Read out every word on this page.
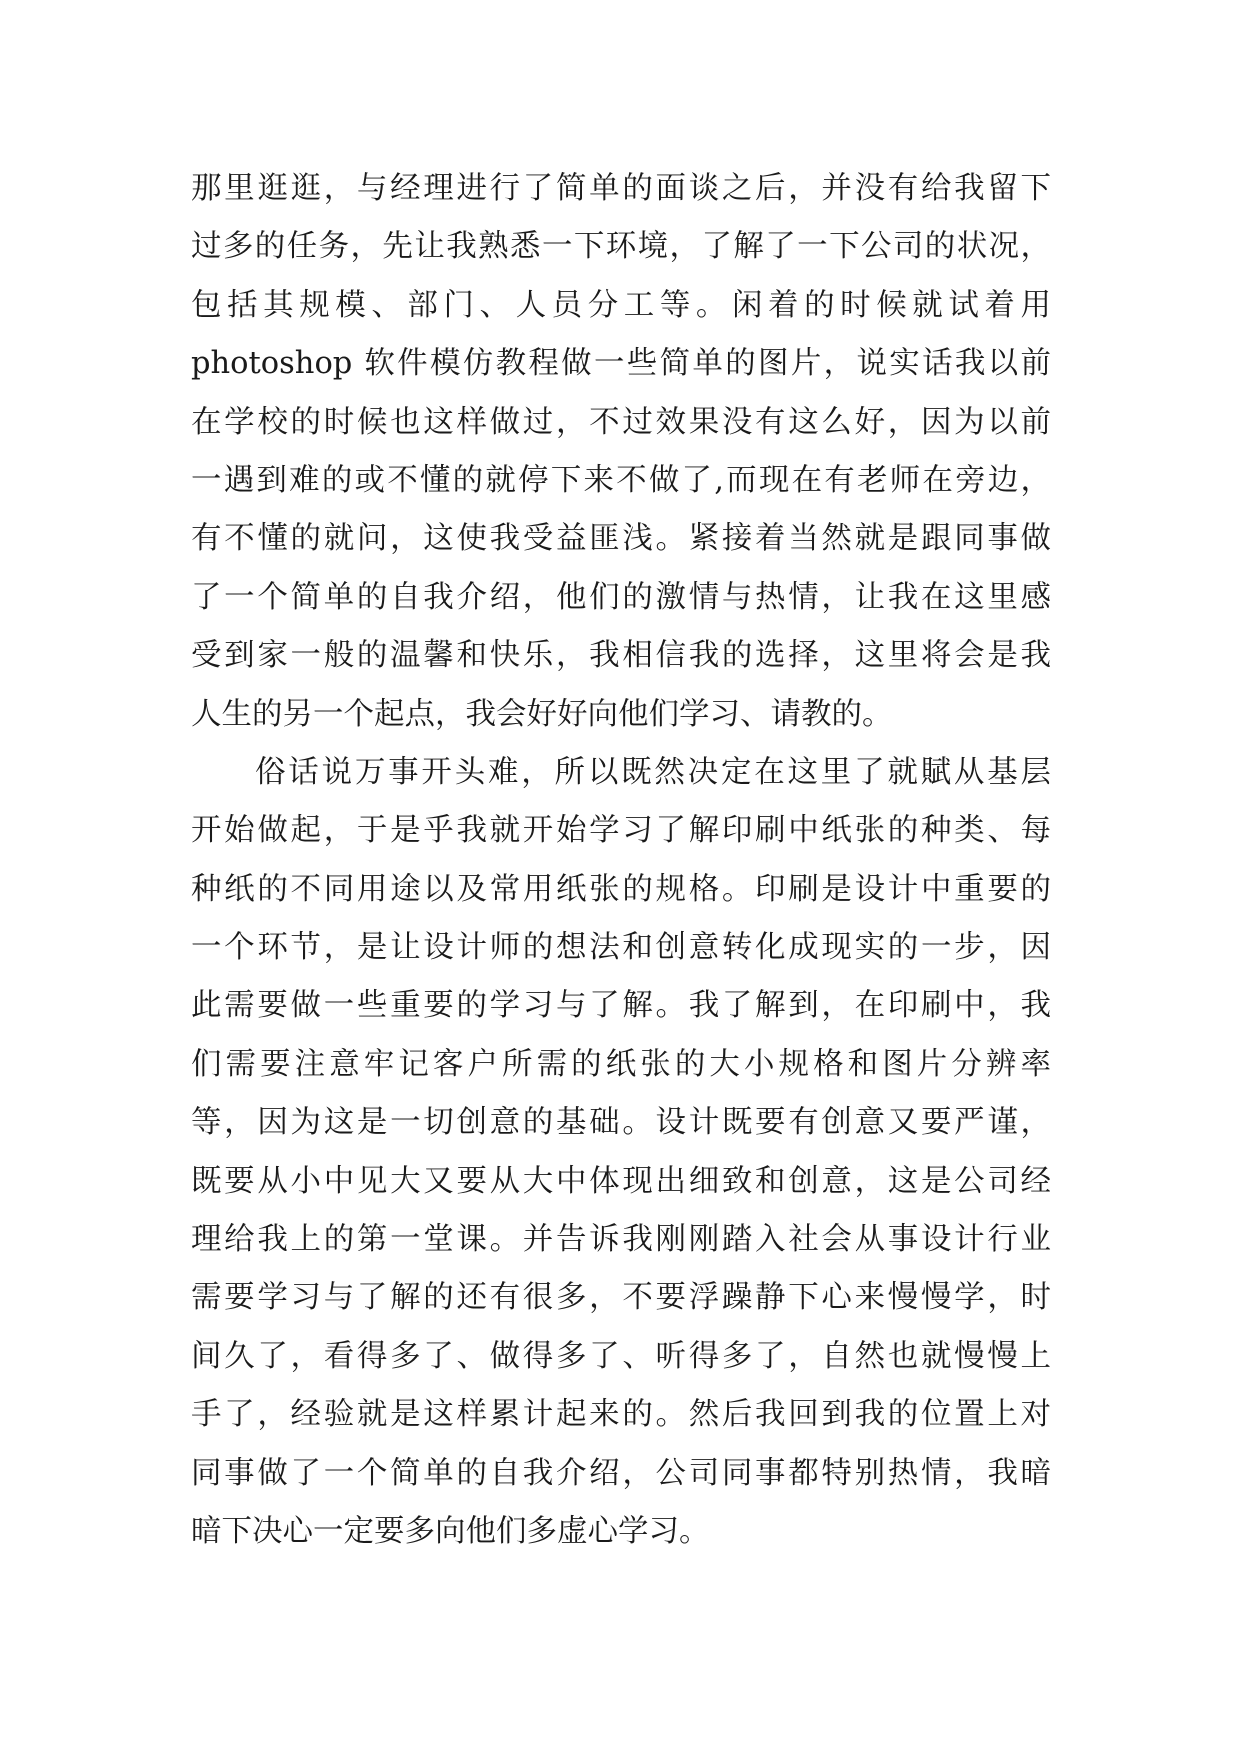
那里逛逛，与经理进行了简单的面谈之后，并没有给我留下
过多的任务，先让我熟悉一下环境，了解了一下公司的状况，
包括其规模、部门、人员分工等。闲着的时候就试着用
photoshop 软件模仿教程做一些简单的图片，说实话我以前
在学校的时候也这样做过，不过效果没有这么好，因为以前
一遇到难的或不懂的就停下来不做了,而现在有老师在旁边，
有不懂的就问，这使我受益匪浅。紧接着当然就是跟同事做
了一个简单的自我介绍，他们的激情与热情，让我在这里感
受到家一般的温馨和快乐，我相信我的选择，这里将会是我
人生的另一个起点，我会好好向他们学习、请教的。
俗话说万事开头难，所以既然决定在这里了就賦从基层
开始做起，于是乎我就开始学习了解印刷中纸张的种类、每
种纸的不同用途以及常用纸张的规格。印刷是设计中重要的
一个环节，是让设计师的想法和创意转化成现实的一步，因
此需要做一些重要的学习与了解。我了解到，在印刷中，我
们需要注意牢记客户所需的纸张的大小规格和图片分辨率
等，因为这是一切创意的基础。设计既要有创意又要严谨，
既要从小中见大又要从大中体现出细致和创意，这是公司经
理给我上的第一堂课。并告诉我刚刚踏入社会从事设计行业
需要学习与了解的还有很多，不要浮躁静下心来慢慢学，时
间久了，看得多了、做得多了、听得多了，自然也就慢慢上
手了，经验就是这样累计起来的。然后我回到我的位置上对
同事做了一个简单的自我介绍，公司同事都特别热情，我暗
暗下决心一定要多向他们多虚心学习。
